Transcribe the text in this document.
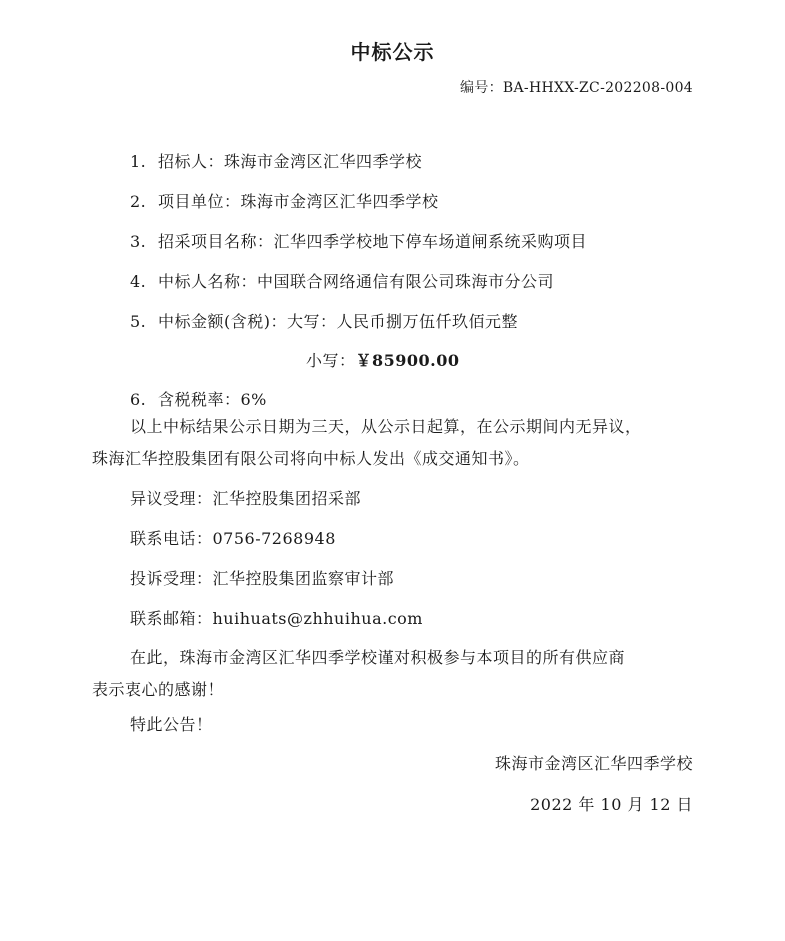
中标公示
编号：BA-HHXX-ZC-202208-004
1. 招标人：珠海市金湾区汇华四季学校
2. 项目单位：珠海市金湾区汇华四季学校
3. 招采项目名称：汇华四季学校地下停车场道闸系统采购项目
4. 中标人名称：中国联合网络通信有限公司珠海市分公司
5. 中标金额(含税)：大写：人民币捌万伍仟玖佰元整
小写：￥85900.00
6. 含税税率：6%
以上中标结果公示日期为三天，从公示日起算，在公示期间内无异议，
珠海汇华控股集团有限公司将向中标人发出《成交通知书》。
异议受理：汇华控股集团招采部
联系电话：0756-7268948
投诉受理：汇华控股集团监察审计部
联系邮箱：huihuats@zhhuihua.com
在此，珠海市金湾区汇华四季学校谨对积极参与本项目的所有供应商
表示衷心的感谢！
特此公告！
珠海市金湾区汇华四季学校
2022 年 10 月 12 日
